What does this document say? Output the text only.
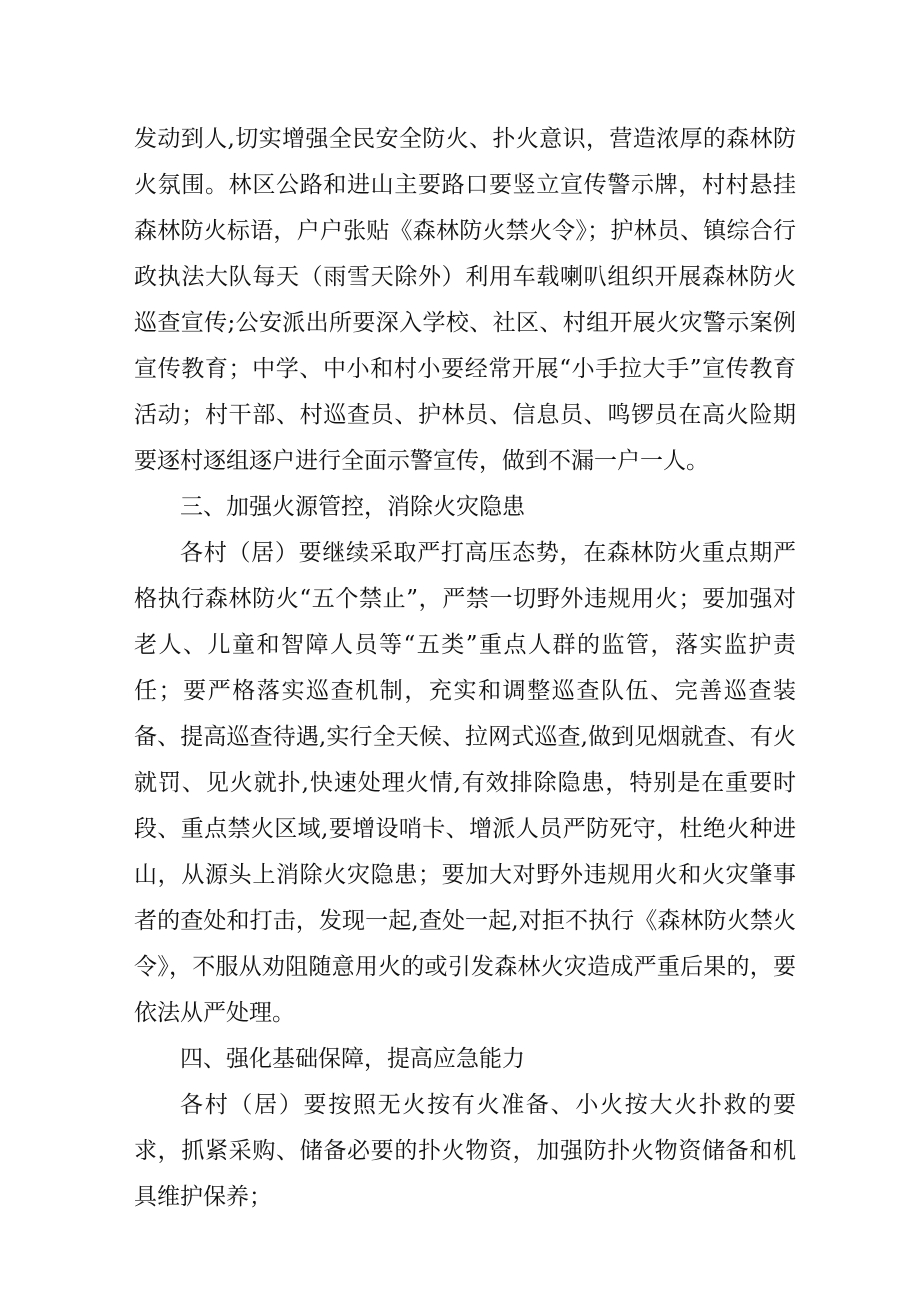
发动到人,切实增强全民安全防火、扑火意识，营造浓厚的森林防火氛围。林区公路和进山主要路口要竖立宣传警示牌，村村悬挂森林防火标语，户户张贴《森林防火禁火令》；护林员、镇综合行政执法大队每天（雨雪天除外）利用车载喇叭组织开展森林防火巡查宣传;公安派出所要深入学校、社区、村组开展火灾警示案例宣传教育；中学、中小和村小要经常开展“小手拉大手”宣传教育活动；村干部、村巡查员、护林员、信息员、鸣锣员在高火险期要逐村逐组逐户进行全面示警宣传，做到不漏一户一人。

三、加强火源管控，消除火灾隐患

各村（居）要继续采取严打高压态势，在森林防火重点期严格执行森林防火“五个禁止”，严禁一切野外违规用火；要加强对老人、儿童和智障人员等“五类”重点人群的监管，落实监护责任；要严格落实巡查机制，充实和调整巡查队伍、完善巡查装备、提高巡查待遇,实行全天候、拉网式巡查,做到见烟就查、有火就罚、见火就扑,快速处理火情,有效排除隐患，特别是在重要时段、重点禁火区域,要增设哨卡、增派人员严防死守，杜绝火种进山，从源头上消除火灾隐患；要加大对野外违规用火和火灾肇事者的查处和打击，发现一起,查处一起,对拒不执行《森林防火禁火令》，不服从劝阻随意用火的或引发森林火灾造成严重后果的，要依法从严处理。

四、强化基础保障，提高应急能力

各村（居）要按照无火按有火准备、小火按大火扑救的要求，抓紧采购、储备必要的扑火物资，加强防扑火物资储备和机具维护保养；
